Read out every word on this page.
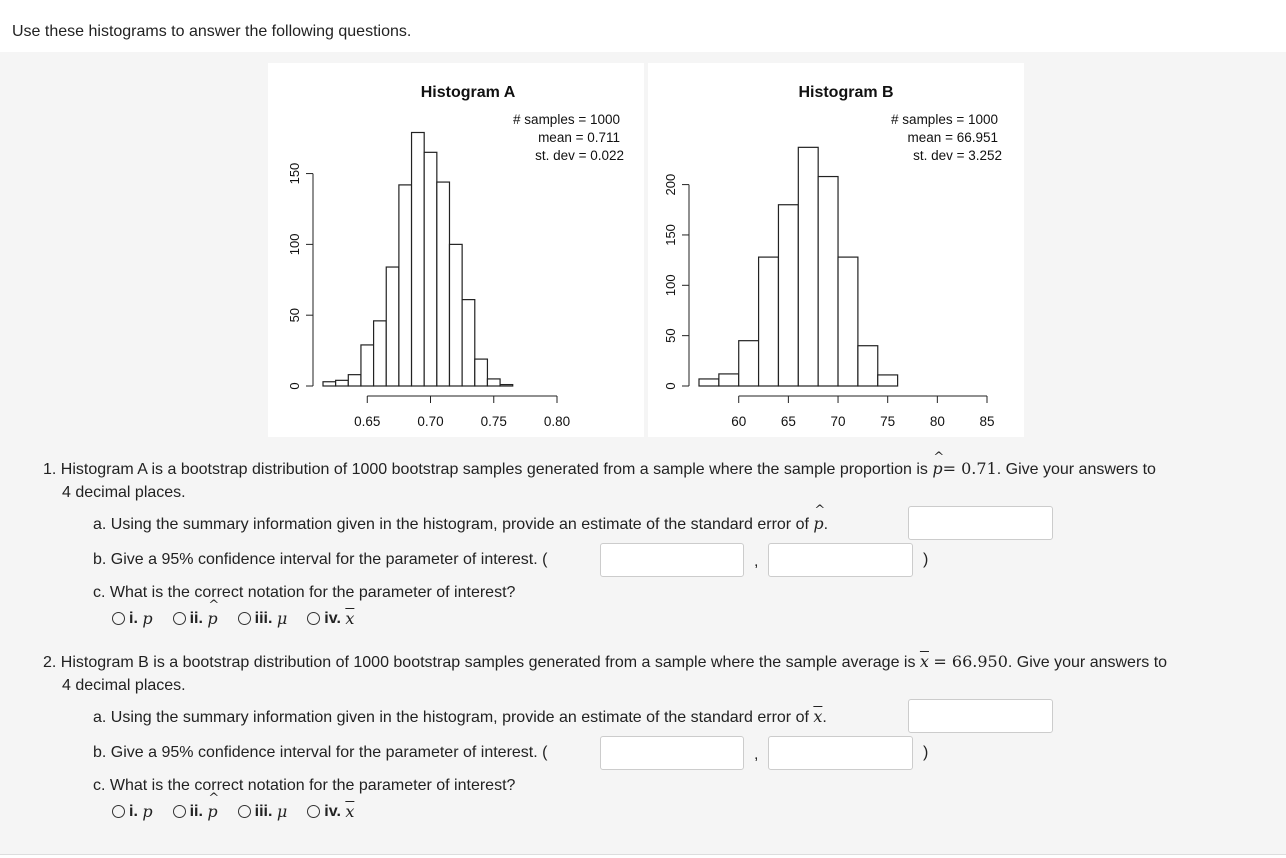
Use these histograms to answer the following questions.
Histogram A
# samples = 1000
mean = 0.711
st. dev = 0.022
0
50
100
150
0.65	0.70	0.75	0.80
Histogram B
# samples = 1000
mean = 66.951
st. dev = 3.252
0
50
100
150
200
60	65	70	75	80	85
1. Histogram A is a bootstrap distribution of 1000 bootstrap samples generated from a sample where the sample proportion is ^ p= 0.71. Give your answers to
4 decimal places.
a. Using the summary information given in the histogram, provide an estimate of the standard error of ^ p.
b. Give a 95% confidence interval for the parameter of interest. (	,	)
c. What is the correct notation for the parameter of interest?
i.
p ii.
^ p iii.
μ iv.
$\overline{x}$
2. Histogram B is a bootstrap distribution of 1000 bootstrap samples generated from a sample where the sample average is $\overline{x} = 66.950$. Give your answers to
4 decimal places.
a. Using the summary information given in the histogram, provide an estimate of the standard error of $\overline{x}$.
b. Give a 95% confidence interval for the parameter of interest. (	,	)
c. What is the correct notation for the parameter of interest?
i.
p ii.
^ p iii.
μ iv.
$\overline{x}$
